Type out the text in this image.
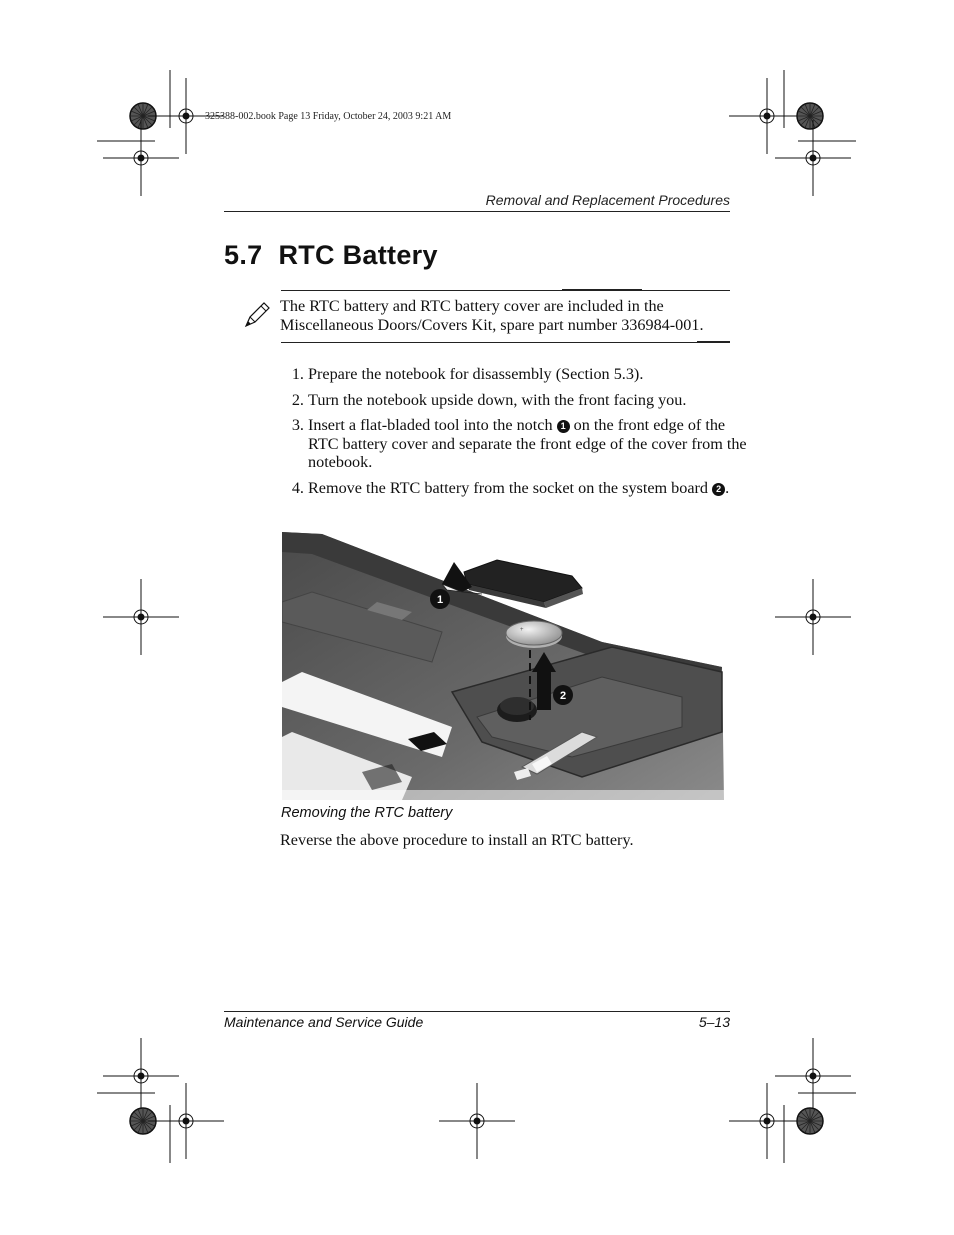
325388-002.book Page 13 Friday, October 24, 2003 9:21 AM
Removal and Replacement Procedures
5.7 RTC Battery
The RTC battery and RTC battery cover are included in the
Miscellaneous Doors/Covers Kit, spare part number 336984-001.
1. Prepare the notebook for disassembly (Section 5.3).
2. Turn the notebook upside down, with the front facing you.
3. Insert a flat-bladed tool into the notch 1 on the front edge of the RTC battery cover and separate the front edge of the cover from the notebook.
4. Remove the RTC battery from the socket on the system board 2 .
+
1
2
Removing the RTC battery
Reverse the above procedure to install an RTC battery.
Maintenance and Service Guide	5–13
